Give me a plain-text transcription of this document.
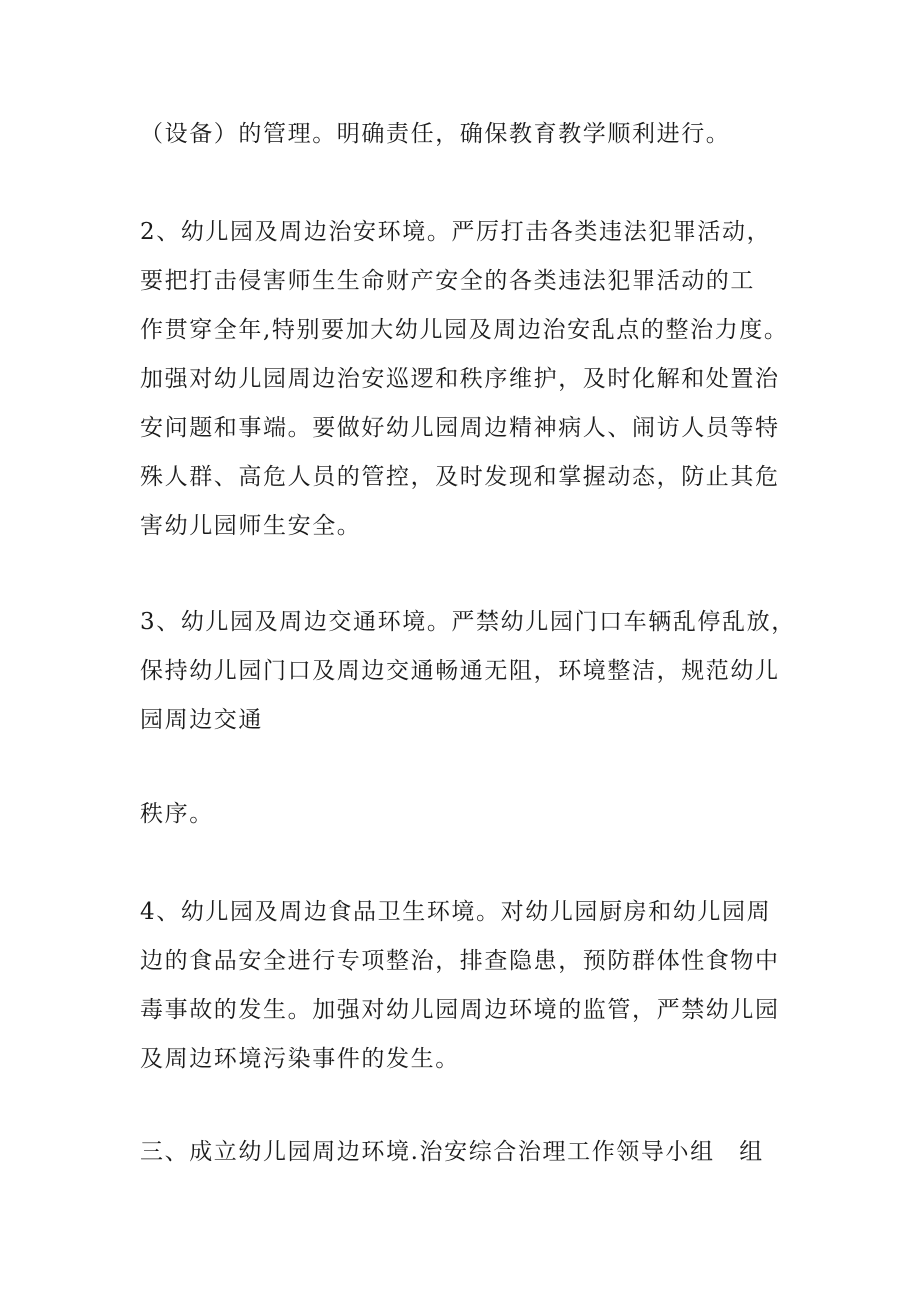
（设备）的管理。明确责任，确保教育教学顺利进行。

2、幼儿园及周边治安环境。严厉打击各类违法犯罪活动，

要把打击侵害师生生命财产安全的各类违法犯罪活动的工

作贯穿全年,特别要加大幼儿园及周边治安乱点的整治力度。

加强对幼儿园周边治安巡逻和秩序维护，及时化解和处置治

安问题和事端。要做好幼儿园周边精神病人、闹访人员等特

殊人群、高危人员的管控，及时发现和掌握动态，防止其危

害幼儿园师生安全。

3、幼儿园及周边交通环境。严禁幼儿园门口车辆乱停乱放，

保持幼儿园门口及周边交通畅通无阻，环境整洁，规范幼儿

园周边交通

秩序。

4、幼儿园及周边食品卫生环境。对幼儿园厨房和幼儿园周

边的食品安全进行专项整治，排查隐患，预防群体性食物中

毒事故的发生。加强对幼儿园周边环境的监管，严禁幼儿园

及周边环境污染事件的发生。

三、成立幼儿园周边环境.治安综合治理工作领导小组　组
